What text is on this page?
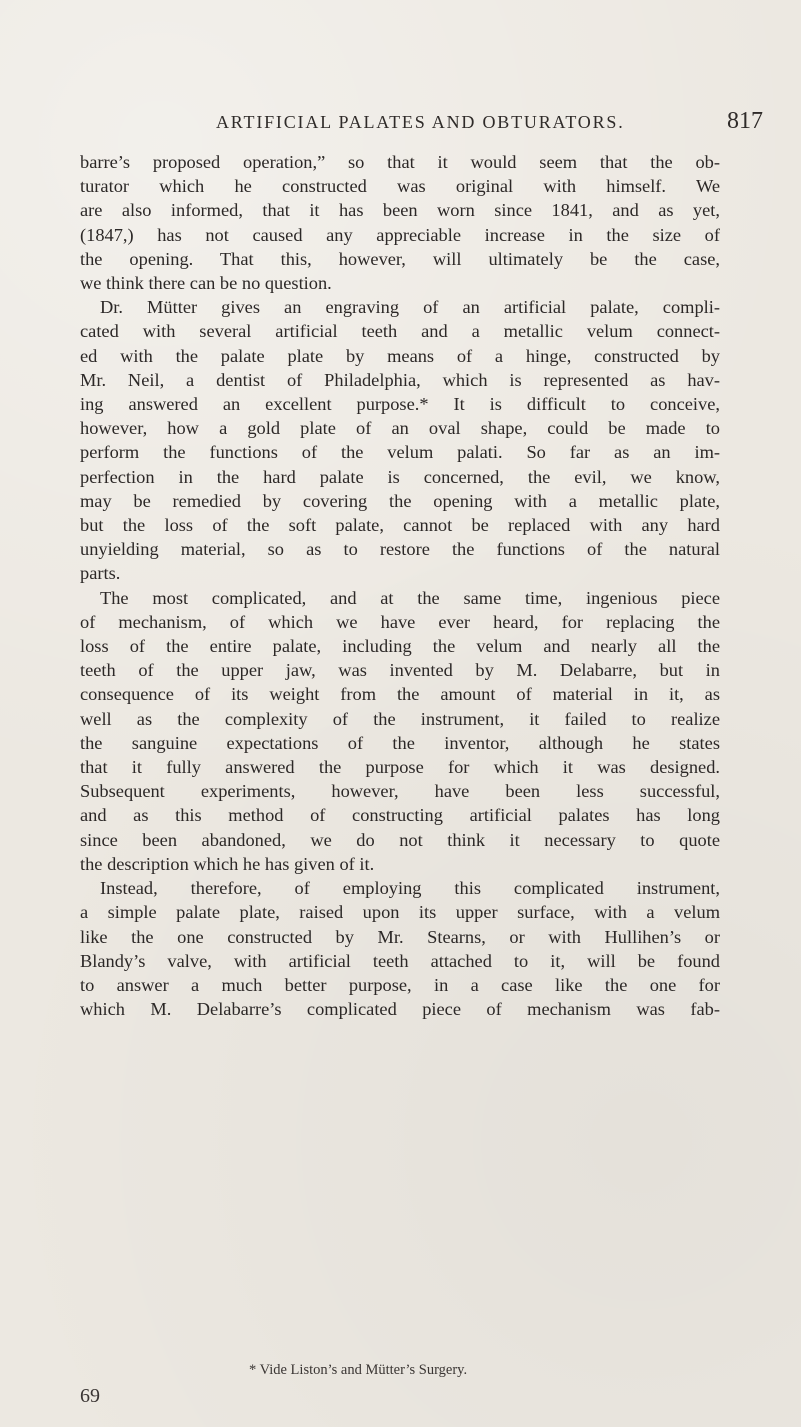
ARTIFICIAL PALATES AND OBTURATORS.	817
barre’s proposed operation,” so that it would seem that the ob-
turator which he constructed was original with himself. We
are also informed, that it has been worn since 1841, and as yet,
(1847,) has not caused any appreciable increase in the size of
the opening. That this, however, will ultimately be the case,
we think there can be no question.
Dr. Mütter gives an engraving of an artificial palate, compli-
cated with several artificial teeth and a metallic velum connect-
ed with the palate plate by means of a hinge, constructed by
Mr. Neil, a dentist of Philadelphia, which is represented as hav-
ing answered an excellent purpose.* It is difficult to conceive,
however, how a gold plate of an oval shape, could be made to
perform the functions of the velum palati. So far as an im-
perfection in the hard palate is concerned, the evil, we know,
may be remedied by covering the opening with a metallic plate,
but the loss of the soft palate, cannot be replaced with any hard
unyielding material, so as to restore the functions of the natural
parts.
The most complicated, and at the same time, ingenious piece
of mechanism, of which we have ever heard, for replacing the
loss of the entire palate, including the velum and nearly all the
teeth of the upper jaw, was invented by M. Delabarre, but in
consequence of its weight from the amount of material in it, as
well as the complexity of the instrument, it failed to realize
the sanguine expectations of the inventor, although he states
that it fully answered the purpose for which it was designed.
Subsequent experiments, however, have been less successful,
and as this method of constructing artificial palates has long
since been abandoned, we do not think it necessary to quote
the description which he has given of it.
Instead, therefore, of employing this complicated instrument,
a simple palate plate, raised upon its upper surface, with a velum
like the one constructed by Mr. Stearns, or with Hullihen’s or
Blandy’s valve, with artificial teeth attached to it, will be found
to answer a much better purpose, in a case like the one for
which M. Delabarre’s complicated piece of mechanism was fab-
* Vide Liston’s and Mütter’s Surgery.
69
